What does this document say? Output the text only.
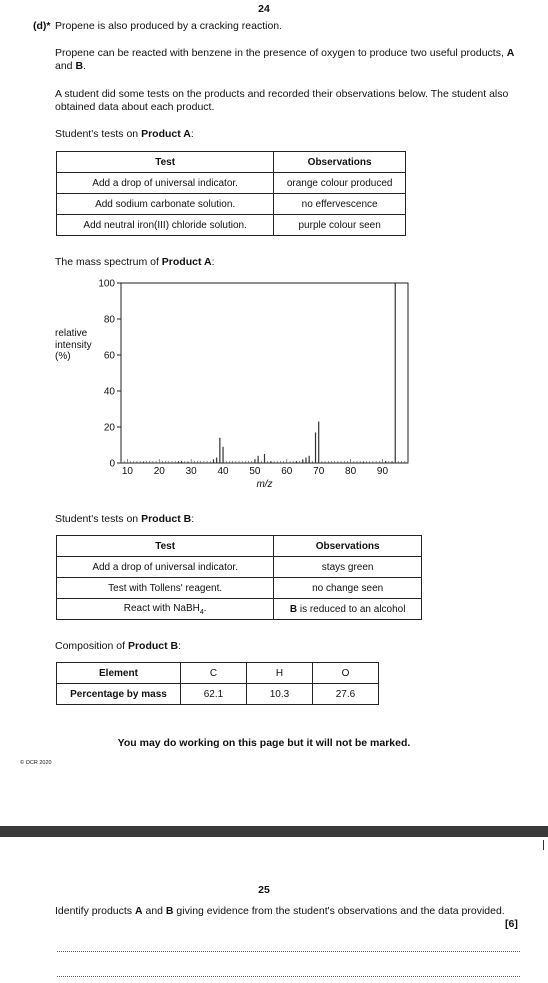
24
(d)* Propene is also produced by a cracking reaction.

Propene can be reacted with benzene in the presence of oxygen to produce two useful products, A and B.

A student did some tests on the products and recorded their observations below. The student also obtained data about each product.

Student's tests on Product A:

Test	Observations
Add a drop of universal indicator.	orange colour produced
Add sodium carbonate solution.	no effervescence
Add neutral iron(III) chloride solution.	purple colour seen

The mass spectrum of Product A:

relative
intensity
(%)
0
20
40
60
80
100
10 20 30 40 50 60 70 80 90
m/z

Student's tests on Product B:

Test	Observations
Add a drop of universal indicator.	stays green
Test with Tollens' reagent.	no change seen
React with NaBH$_4$.	B is reduced to an alcohol

Composition of Product B:

Element	C	H	O
Percentage by mass	62.1	10.3	27.6

You may do working on this page but it will not be marked.

© OCR 2020
25

Identify products A and B giving evidence from the student's observations and the data provided.

[6]
